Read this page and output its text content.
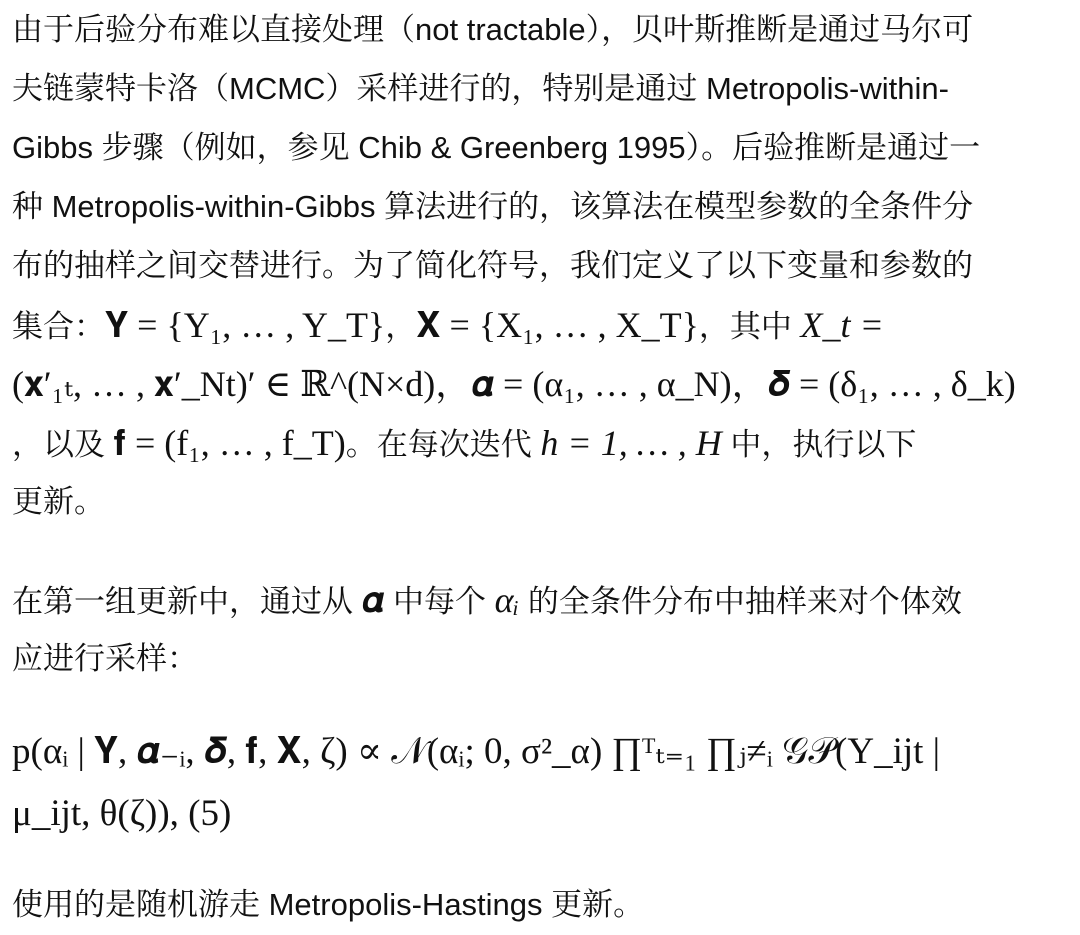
由于后验分布难以直接处理（not tractable），贝叶斯推断是通过马尔可
夫链蒙特卡洛（MCMC）采样进行的，特别是通过 Metropolis-within-
Gibbs 步骤（例如，参见 Chib & Greenberg 1995）。后验推断是通过一
种 Metropolis-within-Gibbs 算法进行的，该算法在模型参数的全条件分
布的抽样之间交替进行。为了简化符号，我们定义了以下变量和参数的
集合：𝐘 = {Y₁, … , Y_T}，𝐗 = {X₁, … , X_T}，其中 X_t =
(𝐱′₁ₜ, … , 𝐱′_Nt)′ ∈ ℝ^(N×d)，𝜶 = (α₁, … , α_N)，𝜹 = (δ₁, … , δ_k)
，以及 𝐟 = (f₁, … , f_T)。在每次迭代 h = 1, … , H 中，执行以下
更新。
在第一组更新中，通过从 𝜶 中每个 αᵢ 的全条件分布中抽样来对个体效
应进行采样：
p(αᵢ | 𝐘, 𝜶₋ᵢ, 𝜹, 𝐟, 𝐗, ζ) ∝ 𝒩(αᵢ; 0, σ²_α) ∏ᵀₜ₌₁ ∏ⱼ≠ᵢ 𝒢𝒫(Y_ijt |
μ_ijt, θ(ζ)), (5)
使用的是随机游走 Metropolis-Hastings 更新。
